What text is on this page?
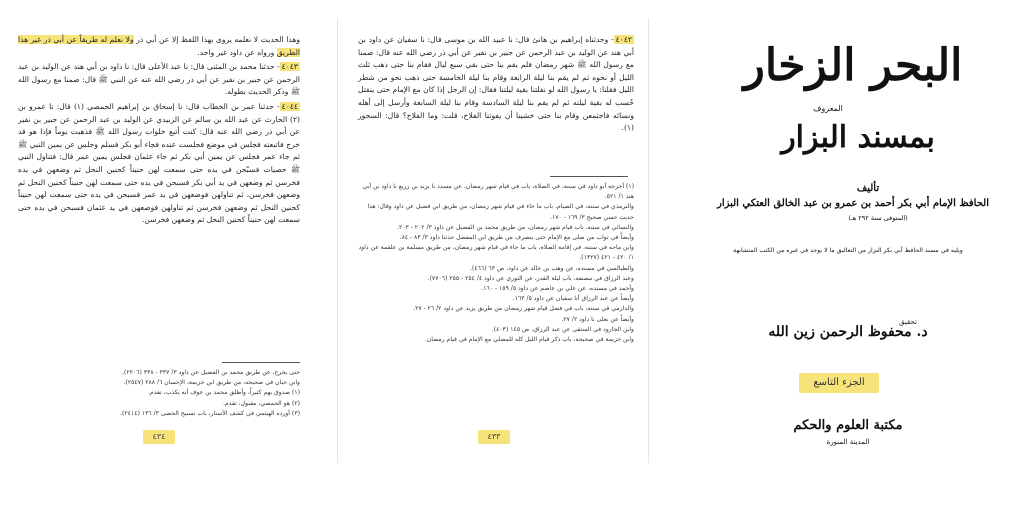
وهذا الحديث لا نعلمه يروى بهذا اللفظ إلا عن أبي ذر ولا نعلم له طريقاً عن أبي ذر غير هذا الطريق ورواه عن داود غير واحد.

٤٠٤٣- حدثنا محمد بن المثنى قال: نا عبد الأعلى قال: نا داود بن أبي هند عن الوليد بن عبد الرحمن عن جبير بن نفير عن أبي ذر رضي الله عنه عن النبي ﷺ قال: صمنا مع رسول الله ﷺ وذكر الحديث بطوله.

٤٠٤٤- حدثنا عمر بن الخطاب قال: نا إسحاق بن إبراهيم الحمصي (١) قال: نا عمرو بن (٢) الحارث عن عبد الله بن سالم عن الزبيدي عن الوليد بن عبد الرحمن عن جبير بن نفير عن أبي ذر رضي الله عنه قال: كنت أتبع خلوات رسول الله ﷺ فذهبت يوماً فإذا هو قد خرج فاتبعته فجلس في موضع فجلست عنده فجاء أبو بكر فسلم وجلس عن يمين النبي ﷺ ثم جاء عمر فجلس عن يمين أبي بكر ثم جاء عثمان فجلس يمين عمر قال: فتناول النبي ﷺ حصيات فسبّحن في يده حتى سمعت لهن حنيناً كحنين النحل ثم وضعهن في يده فخرسن ثم وضعهن في يد أبي بكر فسبحن في يده حتى سمعت لهن حنيناً كحنين النحل ثم وضعهن فخرسن، ثم تناولهن فوضعهن في يد عمر فسبحن في يده حتى سمعت لهن حنيناً كحنين النحل ثم وضعهن فخرسن ثم تناولهن فوضعهن في يد عثمان فسبحن في يده حتى سمعت لهن حنيناً كحنين النحل ثم وضعهن فخرسن.

حتى يخرج، عن طريق محمد بن الفضيل عن داود ٣/ ٣٣٧ - ٣٣٨ (٢٢٠٦).
وابن حبان في صحيحه، من طريق ابن خزيمة، الإحسان ٦/ ٢٨٨ (٢٥٤٧).
(١) صدوق يهم كثيراً، وأطلق محمد بن عوف أنه يكذب، تقدم.
(٢) هو الحمصي، مقبول، تقدم.
(٣) أورده الهيثمي في كشف الأستار، باب تسبيح الحصى ٣/ ١٣٦ (٢٤١٤).
٤٣٤

٤٠٤٢- وحدثناه إبراهيم بن هانئ قال: نا عبيد الله بن موسى قال: نا سفيان عن داود بن أبي هند عن الوليد بن عبد الرحمن عن جبير بن نفير عن أبي ذر رضي الله عنه قال: صمنا مع رسول الله ﷺ شهر رمضان فلم يقم بنا حتى بقي سبع ليال فقام بنا حتى ذهب ثلث الليل أو نحوه ثم لم يقم بنا ليلة الرابعة وقام بنا ليلة الخامسة حتى ذهب نحو من شطر الليل فقلنا: يا رسول الله لو نفلتنا بقية ليلتنا فقال: إن الرجل إذا كان مع الإمام حتى ينفتل حُسب له بقية ليلته ثم لم يقم بنا ليلة السادسة وقام بنا ليلة السابعة وأرسل إلى أهله ونسائه فاجتمعن وقام بنا حتى خشينا أن يفوتنا الفلاح، قلت: وما الفلاح؟ قال: السحور (١).

(١) أخرجه أبو داود في سننه، في الصلاة، باب في قيام شهر رمضان، عن مسدد نا يزيد بن زريع نا داود بن أبي هند ١/ ٥٢١.
والترمذي في سننه، في الصيام، باب ما جاء في قيام شهر رمضان، من طريق ابن فضيل عن داود وقال: هذا حديث حسن صحيح ٣/ ١٦٩ - ١٧٠.
والنسائي في سننه، باب قيام شهر رمضان، من طريق محمد بن الفضيل عن داود ٣/ ٢٠٢ - ٢٠٣.
وأيضاً في ثواب من صلى مع الإمام حتى ينصرف من طريق ابن المفضل حدثنا داود ٣/ ٨٣ - ٨٤.
وابن ماجه في سننه، في إقامة الصلاة، باب ما جاء في قيام شهر رمضان، من طريق مسلمة بن علقمة عن داود ١/ ٤٢٠ - ٤٢١ (١٣٢٧).
والطيالسي في مسنده، عن وهب بن خالد عن داود، ص ٦٣ (٤٦٦).
وعبد الرزاق في مصنفه، باب ليلة القدر، عن الثوري عن داود ٤/ ٢٥٤ - ٢٥٥ (٧٧٠٦).
وأحمد في مسنده، عن علي بن عاصم عن داود ٥/ ١٥٩ - ١٦٠.
وأيضاً عن عبد الرزاق أنا سفيان عن داود ٥/ ١٦٣.
والدارمي في سننه، باب في فضل قيام شهر رمضان من طريق يزيد عن داود ٢/ ٢٦ - ٢٧.
وأيضاً عن يعلى نا داود ٢/ ٢٧.
وابن الجارود في المنتقى عن عبد الرزاق، ص ١٤٥ (٤٠٣).
وابن خزيمة في صحيحه، باب ذكر قيام الليل كله للمصلي مع الإمام في قيام رمضان.
٤٣٣
البحر الزخار
المعروف
بمسند البزار
تأليف
الحافظ الإمام أبي بكر أحمد بن عمرو بن عبد الخالق العتكي البزار
(المتوفى سنة ٢٩٢ هـ)
ويليه في مسند الحافظ أبي بكر البزار من التعاليق ما لا يوجد في غيره من الكتب المتشابهة
تحقيق
د. محفوظ الرحمن زين الله
الجزء التاسع
مكتبة العلوم والحكم
المدينة المنورة
